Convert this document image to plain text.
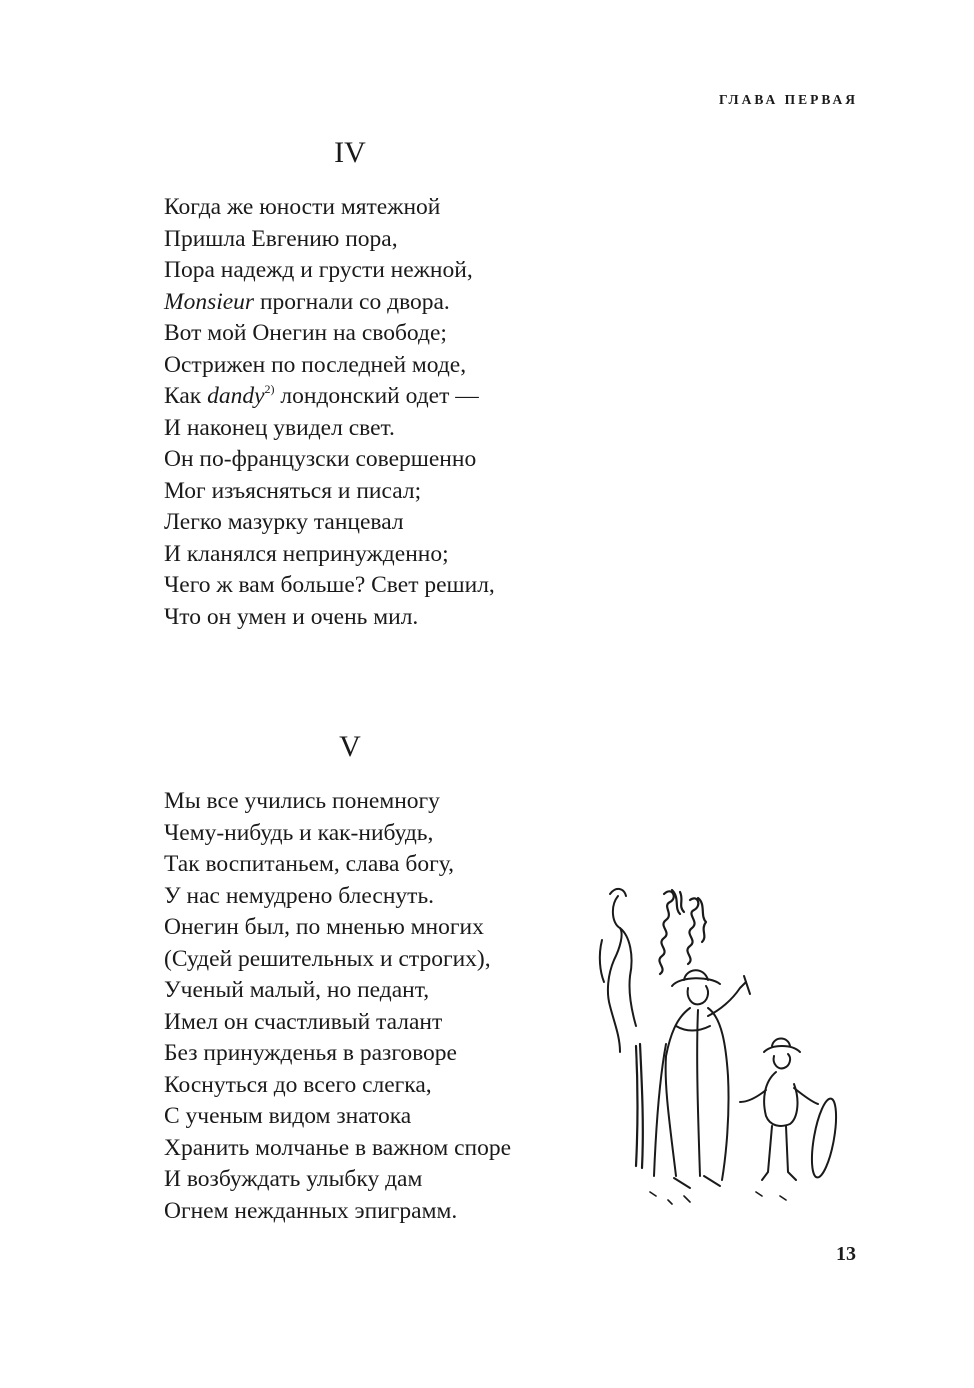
ГЛАВА ПЕРВАЯ
IV
Когда же юности мятежной
Пришла Евгению пора,
Пора надежд и грусти нежной,
Monsieur прогнали со двора.
Вот мой Онегин на свободе;
Острижен по последней моде,
Как dandy$^{2)}$ лондонский одет —
И наконец увидел свет.
Он по-французски совершенно
Мог изъясняться и писал;
Легко мазурку танцевал
И кланялся непринужденно;
Чего ж вам больше? Свет решил,
Что он умен и очень мил.
V
Мы все учились понемногу
Чему-нибудь и как-нибудь,
Так воспитаньем, слава богу,
У нас немудрено блеснуть.
Онегин был, по мненью многих
(Судей решительных и строгих),
Ученый малый, но педант,
Имел он счастливый талант
Без принужденья в разговоре
Коснуться до всего слегка,
С ученым видом знатока
Хранить молчанье в важном споре
И возбуждать улыбку дам
Огнем нежданных эпиграмм.
13
